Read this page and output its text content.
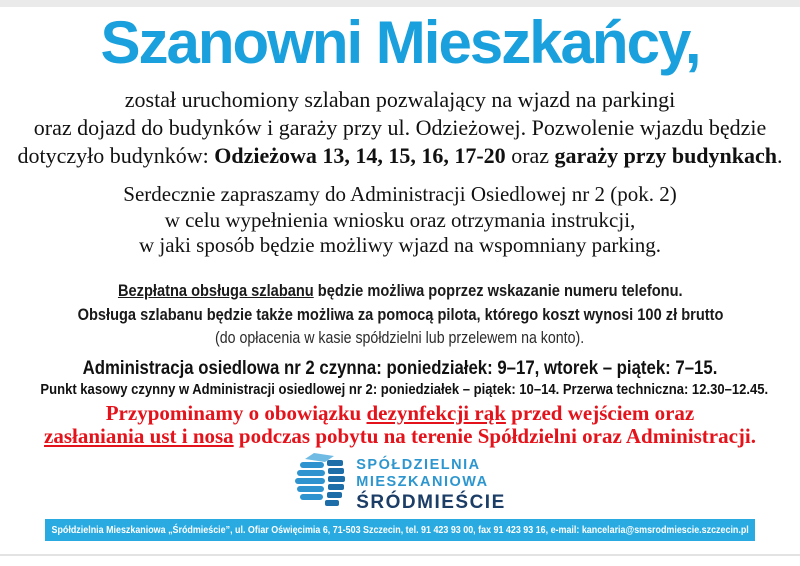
Szanowni Mieszkańcy,

został uruchomiony szlaban pozwalający na wjazd na parkingi
oraz dojazd do budynków i garaży przy ul. Odzieżowej. Pozwolenie wjazdu będzie
dotyczyło budynków: Odzieżowa 13, 14, 15, 16, 17-20 oraz garaży przy budynkach.

Serdecznie zapraszamy do Administracji Osiedlowej nr 2 (pok. 2)
w celu wypełnienia wniosku oraz otrzymania instrukcji,
w jaki sposób będzie możliwy wjazd na wspomniany parking.

Bezpłatna obsługa szlabanu będzie możliwa poprzez wskazanie numeru telefonu.
Obsługa szlabanu będzie także możliwa za pomocą pilota, którego koszt wynosi 100 zł brutto
(do opłacenia w kasie spółdzielni lub przelewem na konto).

Administracja osiedlowa nr 2 czynna: poniedziałek: 9–17, wtorek – piątek: 7–15.

Punkt kasowy czynny w Administracji osiedlowej nr 2: poniedziałek – piątek: 10–14. Przerwa techniczna: 12.30–12.45.

Przypominamy o obowiązku dezynfekcji rąk przed wejściem oraz
zasłaniania ust i nosa podczas pobytu na terenie Spółdzielni oraz Administracji.

SPÓŁDZIELNIA
MIESZKANIOWA
ŚRÓDMIEŚCIE
Spółdzielnia Mieszkaniowa „Śródmieście”, ul. Ofiar Oświęcimia 6, 71-503 Szczecin, tel. 91 423 93 00, fax 91 423 93 16, e-mail: kancelaria@smsrodmiescie.szczecin.pl
